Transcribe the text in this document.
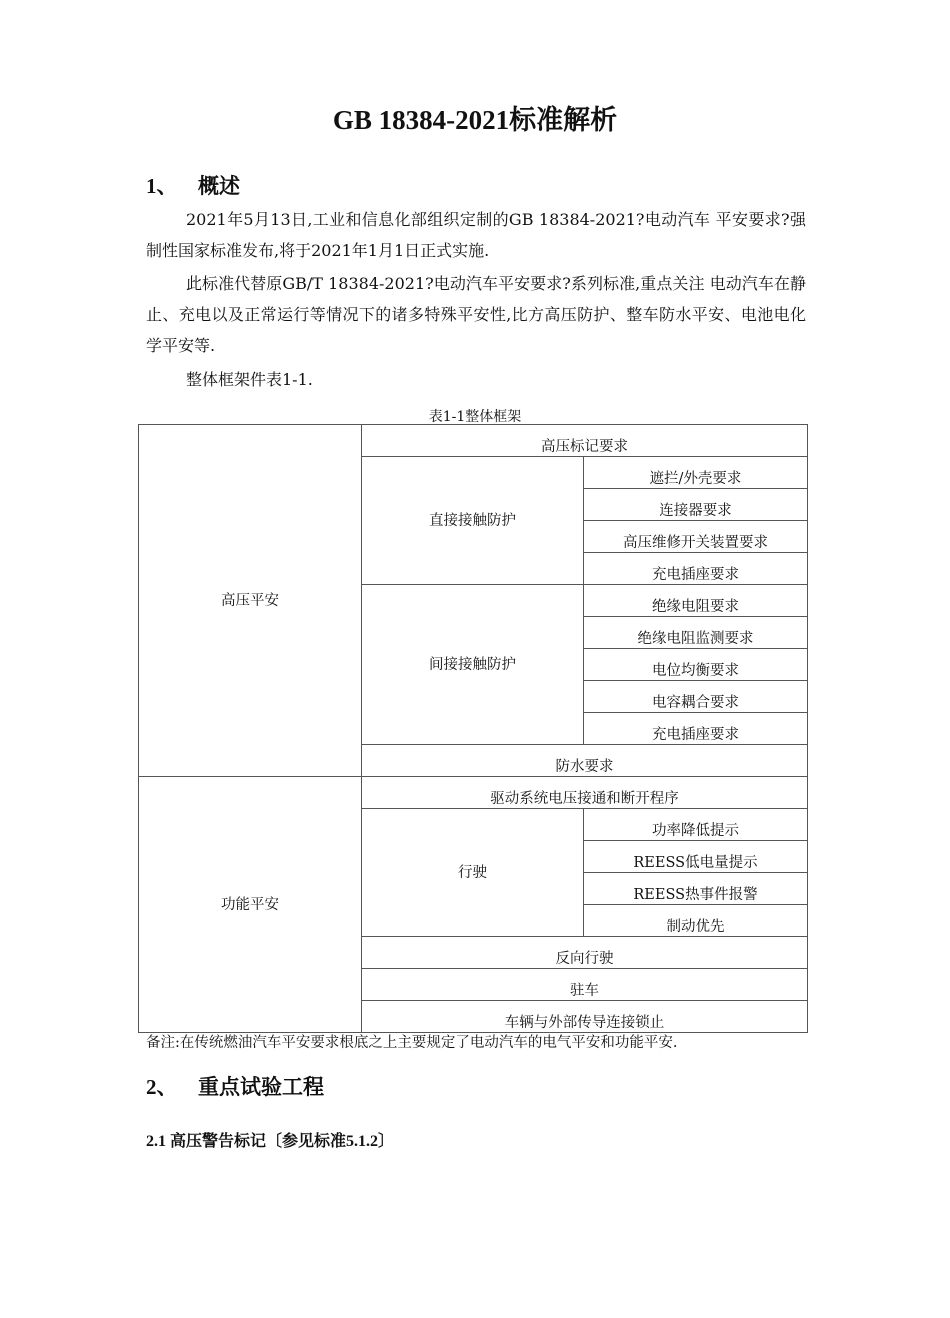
GB 18384-2021标准解析
1、 概述

2021年5月13日,工业和信息化部组织定制的GB 18384-2021?电动汽车 平安要求?强制性国家标准发布,将于2021年1月1日正式实施.

此标准代替原GB/T 18384-2021?电动汽车平安要求?系列标准,重点关注 电动汽车在静止、充电以及正常运行等情况下的诸多特殊平安性,比方高压防护、整车防水平安、电池电化学平安等.

整体框架件表1-1.

表1-1整体框架
高压平安	高压标记要求	
	直接接触防护	遮拦/外壳要求
		连接器要求
		高压维修开关装置要求
		充电插座要求
	间接接触防护	绝缘电阻要求
		绝缘电阻监测要求
		电位均衡要求
		电容耦合要求
		充电插座要求
	防水要求	
功能平安	驱动系统电压接通和断开程序	
	行驶	功率降低提示
		REESS低电量提示
		REESS热事件报警
		制动优先
	反向行驶	
	驻车	
	车辆与外部传导连接锁止	
备注:在传统燃油汽车平安要求根底之上主要规定了电动汽车的电气平安和功能平安.
2、 重点试验工程
2.1 高压警告标记〔参见标准5.1.2〕
